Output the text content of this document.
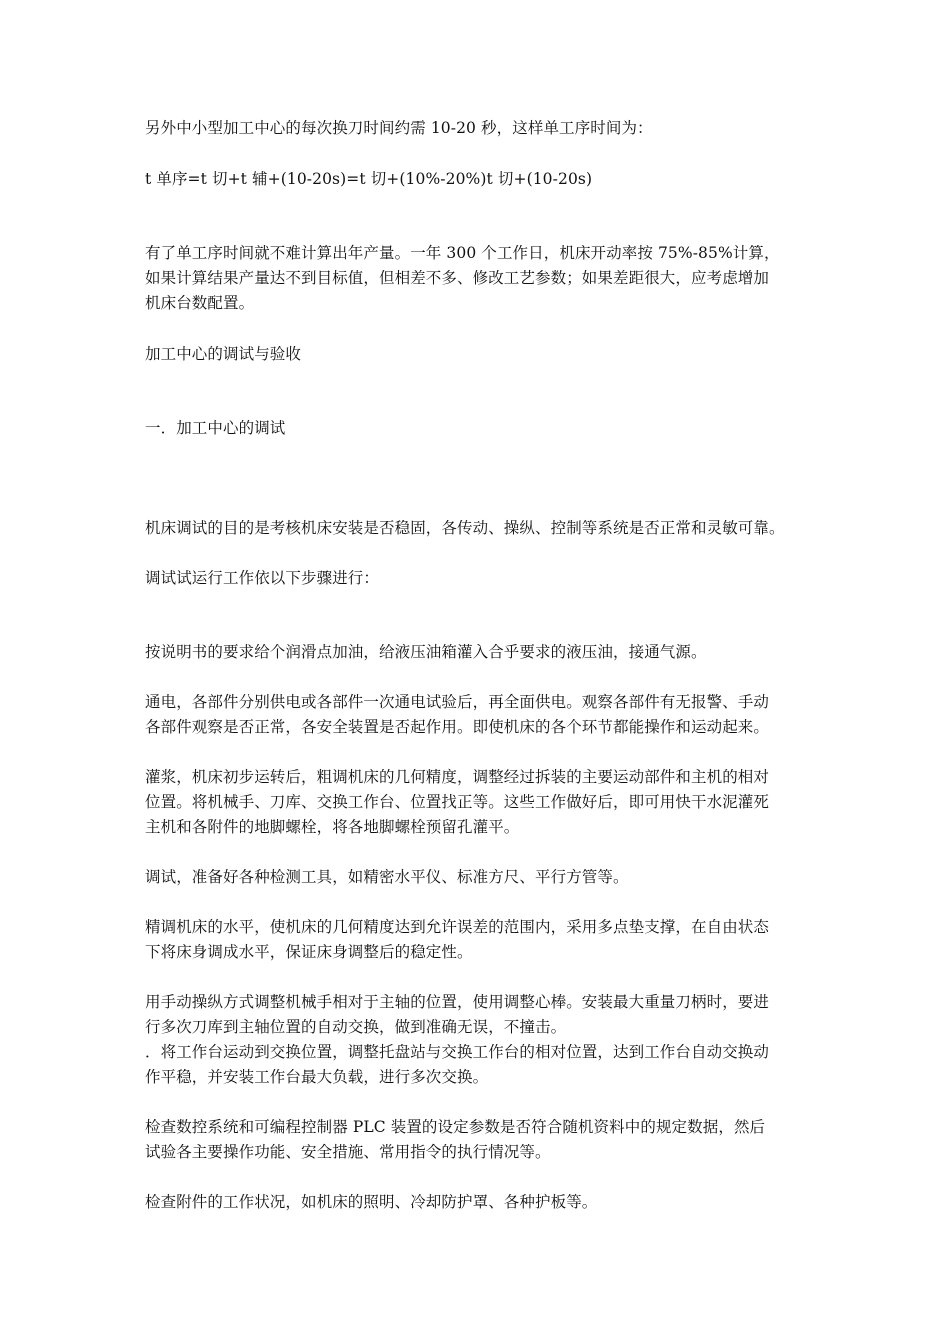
另外中小型加工中心的每次换刀时间约需 10-20 秒，这样单工序时间为：
t 单序=t 切+t 辅+(10-20s)=t 切+(10%-20%)t 切+(10-20s)
有了单工序时间就不难计算出年产量。一年 300 个工作日，机床开动率按 75%-85%计算，
如果计算结果产量达不到目标值，但相差不多、修改工艺参数；如果差距很大，应考虑增加
机床台数配置。
加工中心的调试与验收
一．加工中心的调试
机床调试的目的是考核机床安装是否稳固，各传动、操纵、控制等系统是否正常和灵敏可靠。
调试试运行工作依以下步骤进行：
按说明书的要求给个润滑点加油，给液压油箱灌入合乎要求的液压油，接通气源。
通电，各部件分别供电或各部件一次通电试验后，再全面供电。观察各部件有无报警、手动
各部件观察是否正常，各安全装置是否起作用。即使机床的各个环节都能操作和运动起来。
灌浆，机床初步运转后，粗调机床的几何精度，调整经过拆装的主要运动部件和主机的相对
位置。将机械手、刀库、交换工作台、位置找正等。这些工作做好后，即可用快干水泥灌死
主机和各附件的地脚螺栓，将各地脚螺栓预留孔灌平。
调试，准备好各种检测工具，如精密水平仪、标准方尺、平行方管等。
精调机床的水平，使机床的几何精度达到允许误差的范围内，采用多点垫支撑，在自由状态
下将床身调成水平，保证床身调整后的稳定性。
用手动操纵方式调整机械手相对于主轴的位置，使用调整心棒。安装最大重量刀柄时，要进
行多次刀库到主轴位置的自动交换，做到准确无误，不撞击。
．将工作台运动到交换位置，调整托盘站与交换工作台的相对位置，达到工作台自动交换动
作平稳，并安装工作台最大负载，进行多次交换。
检查数控系统和可编程控制器 PLC 装置的设定参数是否符合随机资料中的规定数据，然后
试验各主要操作功能、安全措施、常用指令的执行情况等。
检查附件的工作状况，如机床的照明、冷却防护罩、各种护板等。
